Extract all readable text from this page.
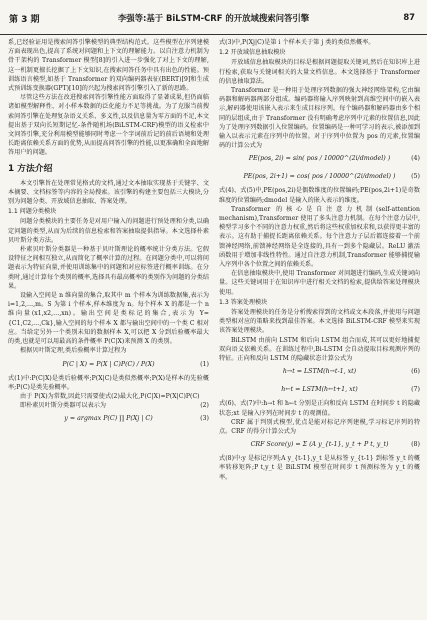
第 3 期	李强等:基于 BiLSTM-CRF 的开放域搜索问答引擎	87

系,已经验证用是搜索问答引擎模型的典型结构范式。这些模型在序列建模方面表现出色,提高了系统对问题和上下文的理解能力。以自注意力机制为骨干架构的 Transformer 模型[8]的引入进一步强化了对上下文的理解,这一机制更擅长挖掘了上下文知识,在搜索问答任务中具有出色的性能。预训练语言模型,如基于 Transformer 的双向编码器表征(BERT)[9]和生成式预训练变换器(GPT)[10]的兴起为搜索问答引擎引入了新的思路。

尽管这些方法在改进搜索问答引擎性能方面取得了显著成果,但仍面临诸如模型解释性、对小样本数据的泛化能力不足等挑战。为了克服当前搜索问答引擎在处理复杂语义关系、多义性,以及信息量为零方面的不足,本文提出基于双向长短期记忆-条件随机场(BiLSTM-CRF)模型的语义检索中文问答引擎,充分利用模型能够同时考虑一个字词前后记的前后语境和处理长距离依赖关系方面的优势,从而提高问答引擎的性能,以更准确和全面地解答用户的问题。

1 方法介绍

本文引擎旨在处理常见格式的文档,通过文本抽取实现基于关键字、文本摘要、文档标签等内容的全局搜索。该引擎的构建主要包括三大模块,分别为问题分类、开放域信息抽取、答案处理。

1.1 问题分类模块

问题分类模块的主要任务是对用户输入的问题进行预处理和分类,以确定问题的类型,从而为后续的信息检索和答案抽取提供指导。本文选择朴素贝叶斯分类方法。

朴素贝叶斯分类器是一种基于贝叶斯理论的概率统计分类方法。它假设特征之间相互独立,从而简化了概率计算的过程。在问题分类中,可以将问题表示为特征向量,并使用训练集中的问题和对应标签进行概率训练。在分类时,通过计算每个类别的概率,选择具有最高概率的类别作为问题的分类结果。

设输入空间是 n 维向量的集合,取其中 m 个样本为训练数据集,表示为 i=1,2,…,m。S 为第 i 个样本,样本维度为 n。每个样本 X 的都是一个 n 维向量(x1,x2,…,xn)。输出空间是类标记的集合,表示为 Y={C1,C2,…,Ck},输入空间的每个样本 X 都与输出空间中的一个类 C 相对应。当给定另外一个类别未知的数据样本 X,可以把 X 分到后验概率最大的类,也就是可以用最高的条件概率 P(C|X)来预测 X 的类别。

根据贝叶斯定理,类后验概率计算过程为

P(C | X) = P(X | C)P(C) / P(X)	(1)

式(1)中:P(C|X)是类后验概率;P(X|C)是类似然概率;P(X)是样本的先验概率;P(C)是类先验概率。

由于 P(X)为常数,因此只需要使式(2)最大化,P(C|X)=P(X|C)P(C)
(2)

即朴素贝叶斯分类器可以表示为

y = argmax P(C) ∏ P(Xj | C)	(3)

式(3)中,P(Xj|C)是第 i 个样本关于第 j 类的类似然概率。

1.2 开放域信息抽取模块

开放域信息抽取模块的目标是根据问题提取关键词,然后在知识库上进行检索,获取与关键词相关的大量文档信息。本文选择基于 Transformer 的信息抽取算法。

Transformer 是一种用于处理序列数据的强大神经网络架构,它由编码器和解码器两部分组成。编码器将输入序列映射到高维空间中的嵌入表示,解码器使用该嵌入表示来生成目标序列。每个编码器和解码器由多个相同的层组成,由于 Transformer 没有明确考虑序列中元素的位置信息,因此为了处理序列数据引入位置编码。位置编码是一种可学习的表示,被添加到输入以表示元素在序列中的位置。对于序列中位置为 pos 的元素,位置编码的计算公式为

PE(pos, 2i) = sin( pos / 10000^(2i/dmodel) )	(4)
PE(pos, 2i+1) = cos( pos / 10000^(2i/dmodel) ) (5)

式(4)、式(5)中,PE(pos,2i)是偶数维度的位置编码;PE(pos,2i+1)是奇数维度的位置编码;dmodel 是输入的嵌入表示的维度。

Transformer 的核心是自注意力机制(self-attention mechanism),Transformer 使用了多头注意力机制。在每个注意力层中,模型学习多个不同的注意力权重,然后将这些权重加权求和,以获得更丰富的表示。这有助于捕捉长距离依赖关系。每个注意力子层后都连接着一个前馈神经网络,前馈神经网络是全连接的,具有一到多个隐藏层。ReLU 激活函数用于增加非线性特性。通过自注意力机制,Transformer 能够捕捉输入序列中各个位置之间的依赖关系。

在信息抽取模块中,使用 Transformer 对问题进行编码,生成关键词向量。这些关键词用于在知识库中进行相关文档的检索,提供给答案处理模块使用。

1.3 答案处理模块

答案处理模块的任务是分析搜索得到的文档或文本段落,并使用与问题类型相对应的策略来找到最佳答案。本文选择 BiLSTM-CRF 模型来实现该答案处理模块。

BiLSTM 由前向 LSTM 和后向 LSTM 组合而成,其可以更好地捕捉双向语义依赖关系。在训练过程中,Bi-LSTM 会自动提取目标观测序列的特征。正向和反向 LSTM 的隐藏状态计算公式为

h→t = LSTM(h→t-1, xt)	(6)
h←t = LSTM(h←t+1, xt)	(7)

式(6)、式(7)中:h→t 和 h←t 分别是正向和反向 LSTM 在时间步 t 的隐藏状态;xt 是输入序列在时间步 t 的观测值。

CRF 属于判别式模型,优点是能对标记序列建模,学习标记序列的特点。CRF 的得分计算公式为

CRF Score(y) = Σ (A y_{t-1}, y_t + P t, y_t)	(8)

式(8)中:y 是标记序列;A y_{t-1},y_t 是从标签 y_{t-1} 到标签 y_t 的概率转移矩阵;P t,y_t 是 BiLSTM 模型在时间步 t 预测标签为 y_t 的概率。
